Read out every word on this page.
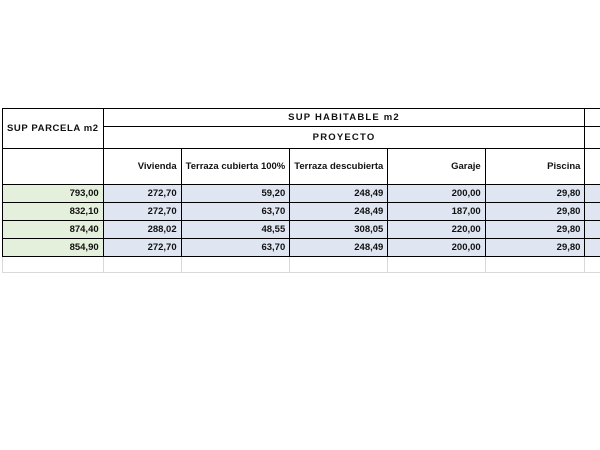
SUP PARCELA m2	SUP HABITABLE m2					
	PROYECTO					
	Vivienda	Terraza cubierta 100%	Terraza descubierta	Garaje	Piscina	
793,00	272,70	59,20	248,49	200,00	29,80	
832,10	272,70	63,70	248,49	187,00	29,80	
874,40	288,02	48,55	308,05	220,00	29,80	
854,90	272,70	63,70	248,49	200,00	29,80	
